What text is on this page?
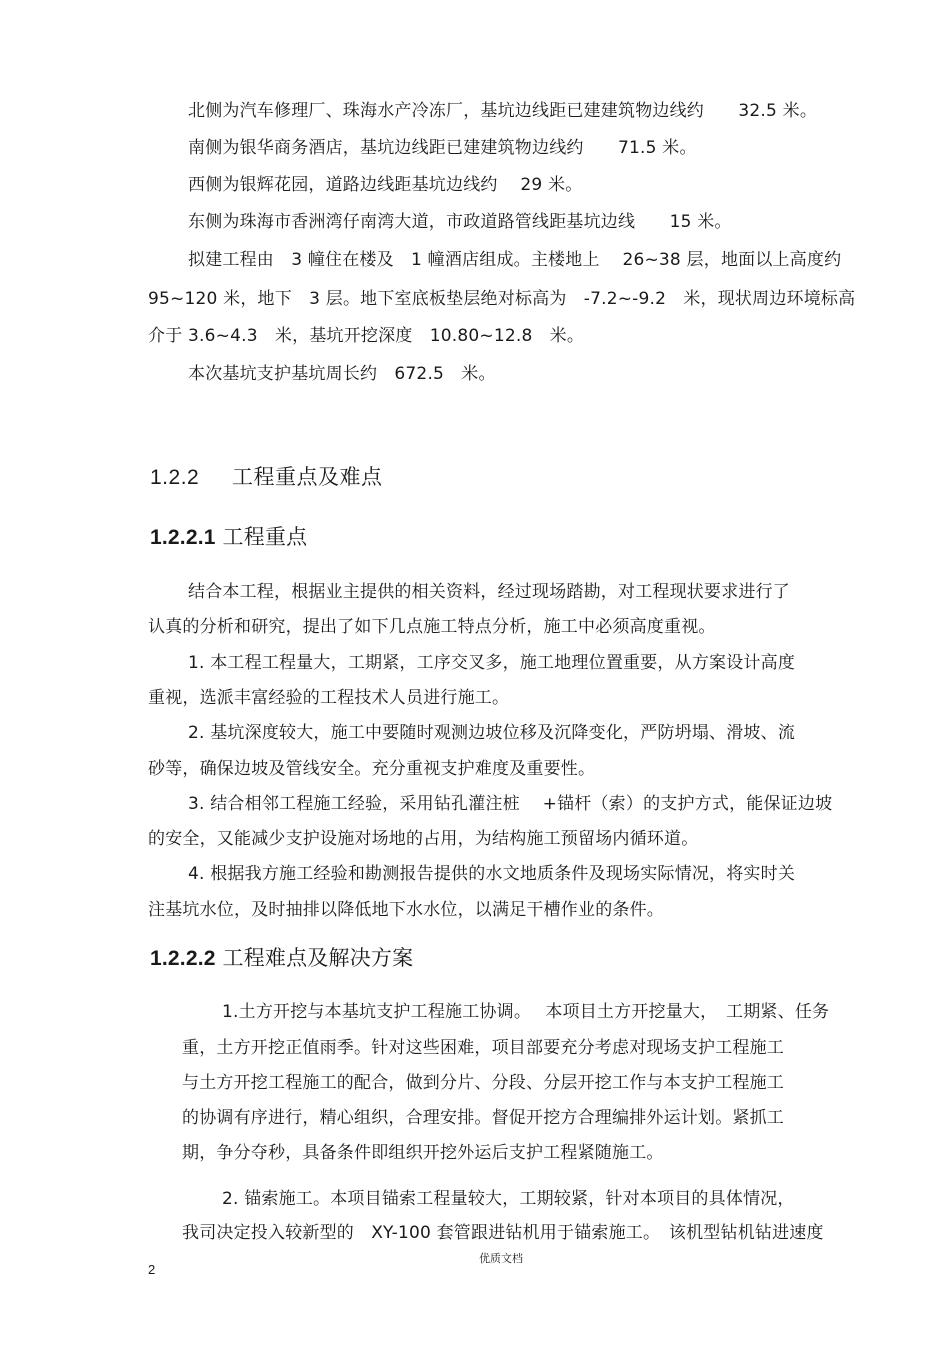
北侧为汽车修理厂、珠海水产冷冻厂，基坑边线距已建建筑物边线约　　32.5 米。
南侧为银华商务酒店，基坑边线距已建建筑物边线约　　71.5 米。
西侧为银辉花园，道路边线距基坑边线约　 29 米。
东侧为珠海市香洲湾仔南湾大道，市政道路管线距基坑边线　　15 米。
拟建工程由　3 幢住在楼及　1 幢酒店组成。主楼地上　 26~38 层，地面以上高度约
95~120 米，地下　3 层。地下室底板垫层绝对标高为　-7.2~-9.2　米，现状周边环境标高
介于 3.6~4.3　米，基坑开挖深度　10.80~12.8　米。
本次基坑支护基坑周长约　672.5　米。
1.2.2 工程重点及难点
1.2.2.1 工程重点
结合本工程，根据业主提供的相关资料，经过现场踏勘，对工程现状要求进行了
认真的分析和研究，提出了如下几点施工特点分析，施工中必须高度重视。
1. 本工程工程量大，工期紧，工序交叉多，施工地理位置重要，从方案设计高度
重视，选派丰富经验的工程技术人员进行施工。
2. 基坑深度较大，施工中要随时观测边坡位移及沉降变化，严防坍塌、滑坡、流
砂等，确保边坡及管线安全。充分重视支护难度及重要性。
3. 结合相邻工程施工经验，采用钻孔灌注桩　 +锚杆（索）的支护方式，能保证边坡
的安全，又能减少支护设施对场地的占用，为结构施工预留场内循环道。
4. 根据我方施工经验和勘测报告提供的水文地质条件及现场实际情况，将实时关
注基坑水位，及时抽排以降低地下水水位，以满足干槽作业的条件。
1.2.2.2 工程难点及解决方案
1.土方开挖与本基坑支护工程施工协调。　 本项目土方开挖量大，　工期紧、任务
重，土方开挖正值雨季。针对这些困难，项目部要充分考虑对现场支护工程施工
与土方开挖工程施工的配合，做到分片、分段、分层开挖工作与本支护工程施工
的协调有序进行，精心组织，合理安排。督促开挖方合理编排外运计划。紧抓工
期，争分夺秒，具备条件即组织开挖外运后支护工程紧随施工。
2. 锚索施工。本项目锚索工程量较大，工期较紧，针对本项目的具体情况，
我司决定投入较新型的　XY-100 套管跟进钻机用于锚索施工。　该机型钻机钻进速度
2
优质文档
